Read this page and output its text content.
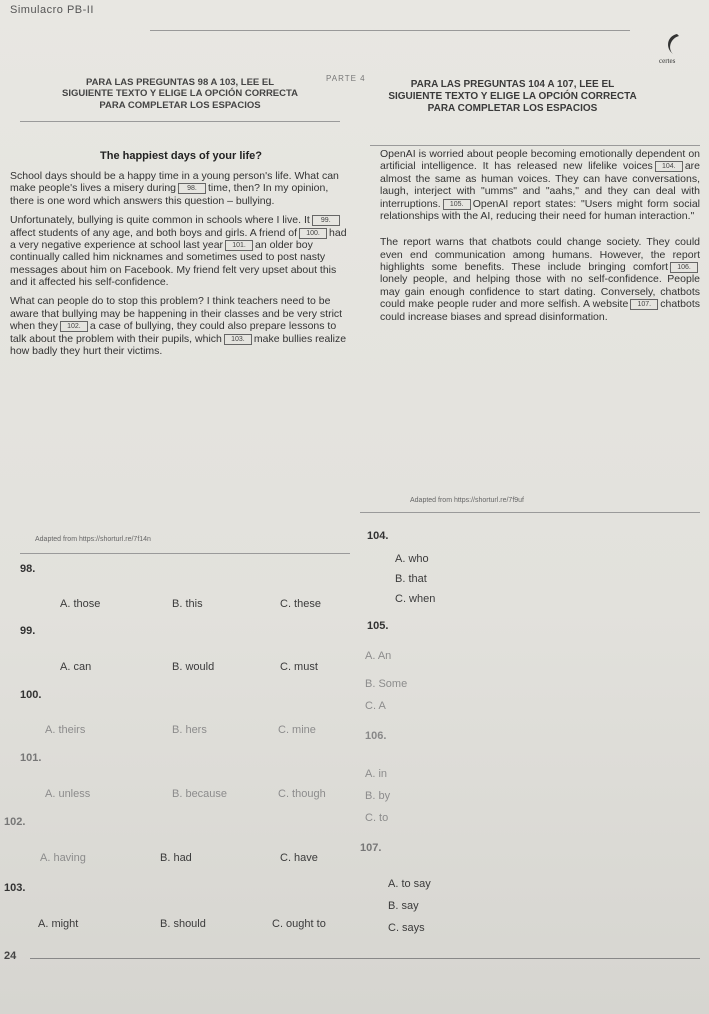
Simulacro PB-II
certes
PARTE 4
PARA LAS PREGUNTAS 98 A 103, LEE EL
SIGUIENTE TEXTO Y ELIGE LA OPCIÓN CORRECTA
PARA COMPLETAR LOS ESPACIOS
PARA LAS PREGUNTAS 104 A 107, LEE EL
SIGUIENTE TEXTO Y ELIGE LA OPCIÓN CORRECTA
PARA COMPLETAR LOS ESPACIOS
The happiest days of your life?

School days should be a happy time in a young person's life. What can make people's lives a misery during 98. time, then? In my opinion, there is one word which answers this question – bullying.

Unfortunately, bullying is quite common in schools where I live. It 99.affect students of any age, and both boys and girls. A friend of 100. had a very negative experience at school last year 101. an older boy continually called him nicknames and sometimes used to post nasty messages about him on Facebook. My friend felt very upset about this and it affected his self-confidence.

What can people do to stop this problem? I think teachers need to be aware that bullying may be happening in their classes and be very strict when they 102. a case of bullying, they could also prepare lessons to talk about the problem with their pupils, which 103. make bullies realize how badly they hurt their victims.

Adapted from https://shorturl.re/7f14n

OpenAI is worried about people becoming emotionally dependent on artificial intelligence. It has released new lifelike voices 104. are almost the same as human voices. They can have conversations, laugh, interject with "umms" and "aahs," and they can deal with interruptions. 105. OpenAI report states: "Users might form social relationships with the AI, reducing their need for human interaction."

The report warns that chatbots could change society. They could even end communication among humans. However, the report highlights some benefits. These include bringing comfort 106.lonely people, and helping those with no self-confidence. People may gain enough confidence to start dating. Conversely, chatbots could make people ruder and more selfish. A website 107. chatbots could increase biases and spread disinformation.

Adapted from https://shorturl.re/7f9uf
98.
A. those	B. this	C. these
99.
A. can	B. would	C. must
100.
A. theirs	B. hers	C. mine
101.
A. unless	B. because	C. though
102.
A. having	B. had	C. have
103.
A. might	B. should	C. ought to
104.
A. who
B. that
C. when
105.
A. An
B. Some
C. A
106.
A. in
B. by
C. to
107.
A. to say
B. say
C. says
24
